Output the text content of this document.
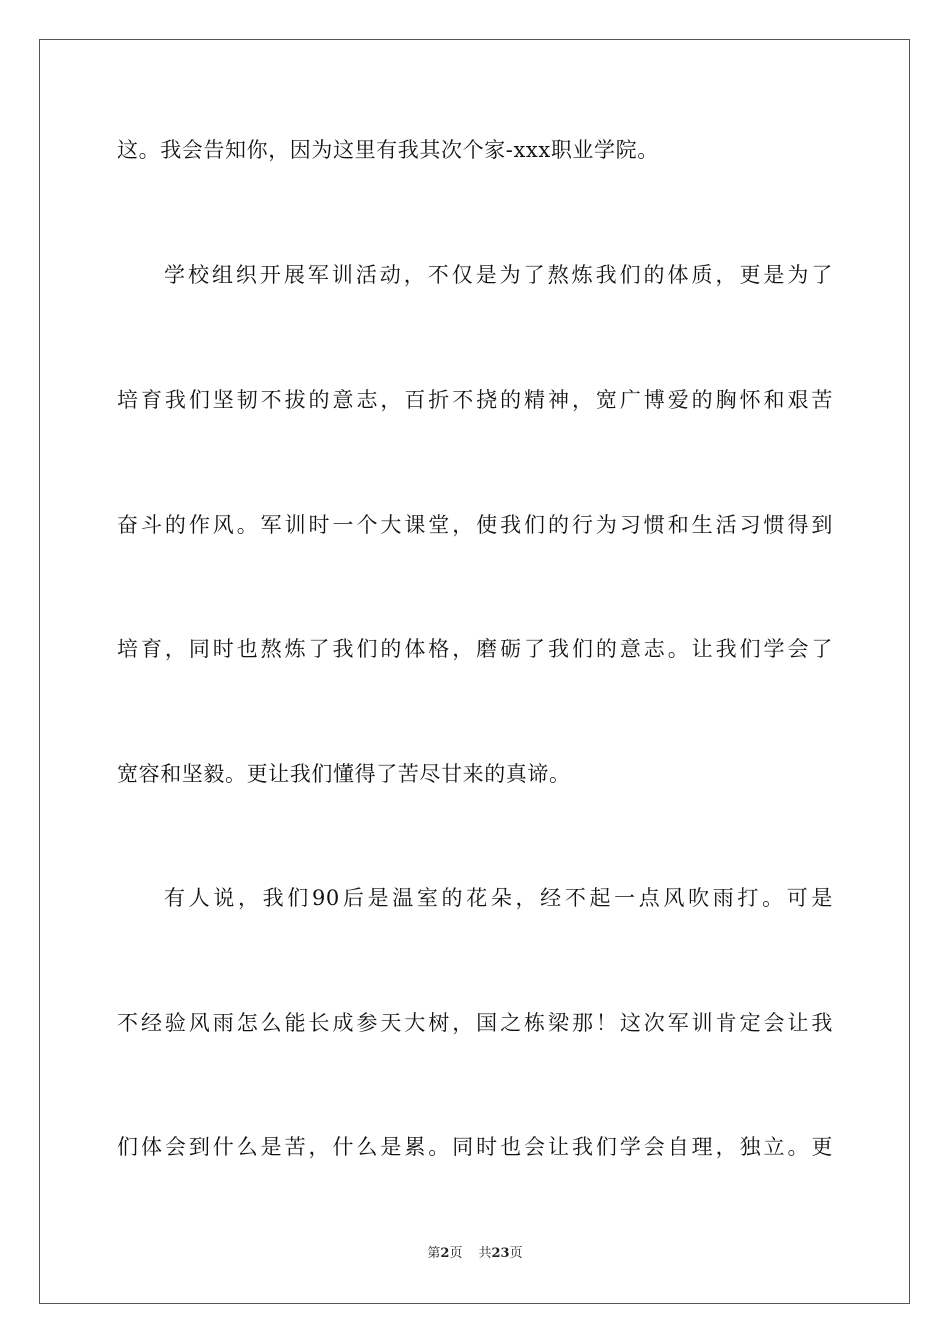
这。我会告知你，因为这里有我其次个家-xxx职业学院。
学校组织开展军训活动，不仅是为了熬炼我们的体质，更是为了
培育我们坚韧不拔的意志，百折不挠的精神，宽广博爱的胸怀和艰苦
奋斗的作风。军训时一个大课堂，使我们的行为习惯和生活习惯得到
培育，同时也熬炼了我们的体格，磨砺了我们的意志。让我们学会了
宽容和坚毅。更让我们懂得了苦尽甘来的真谛。
有人说，我们90后是温室的花朵，经不起一点风吹雨打。可是
不经验风雨怎么能长成参天大树，国之栋梁那！这次军训肯定会让我
们体会到什么是苦，什么是累。同时也会让我们学会自理，独立。更
第2页 共23页
